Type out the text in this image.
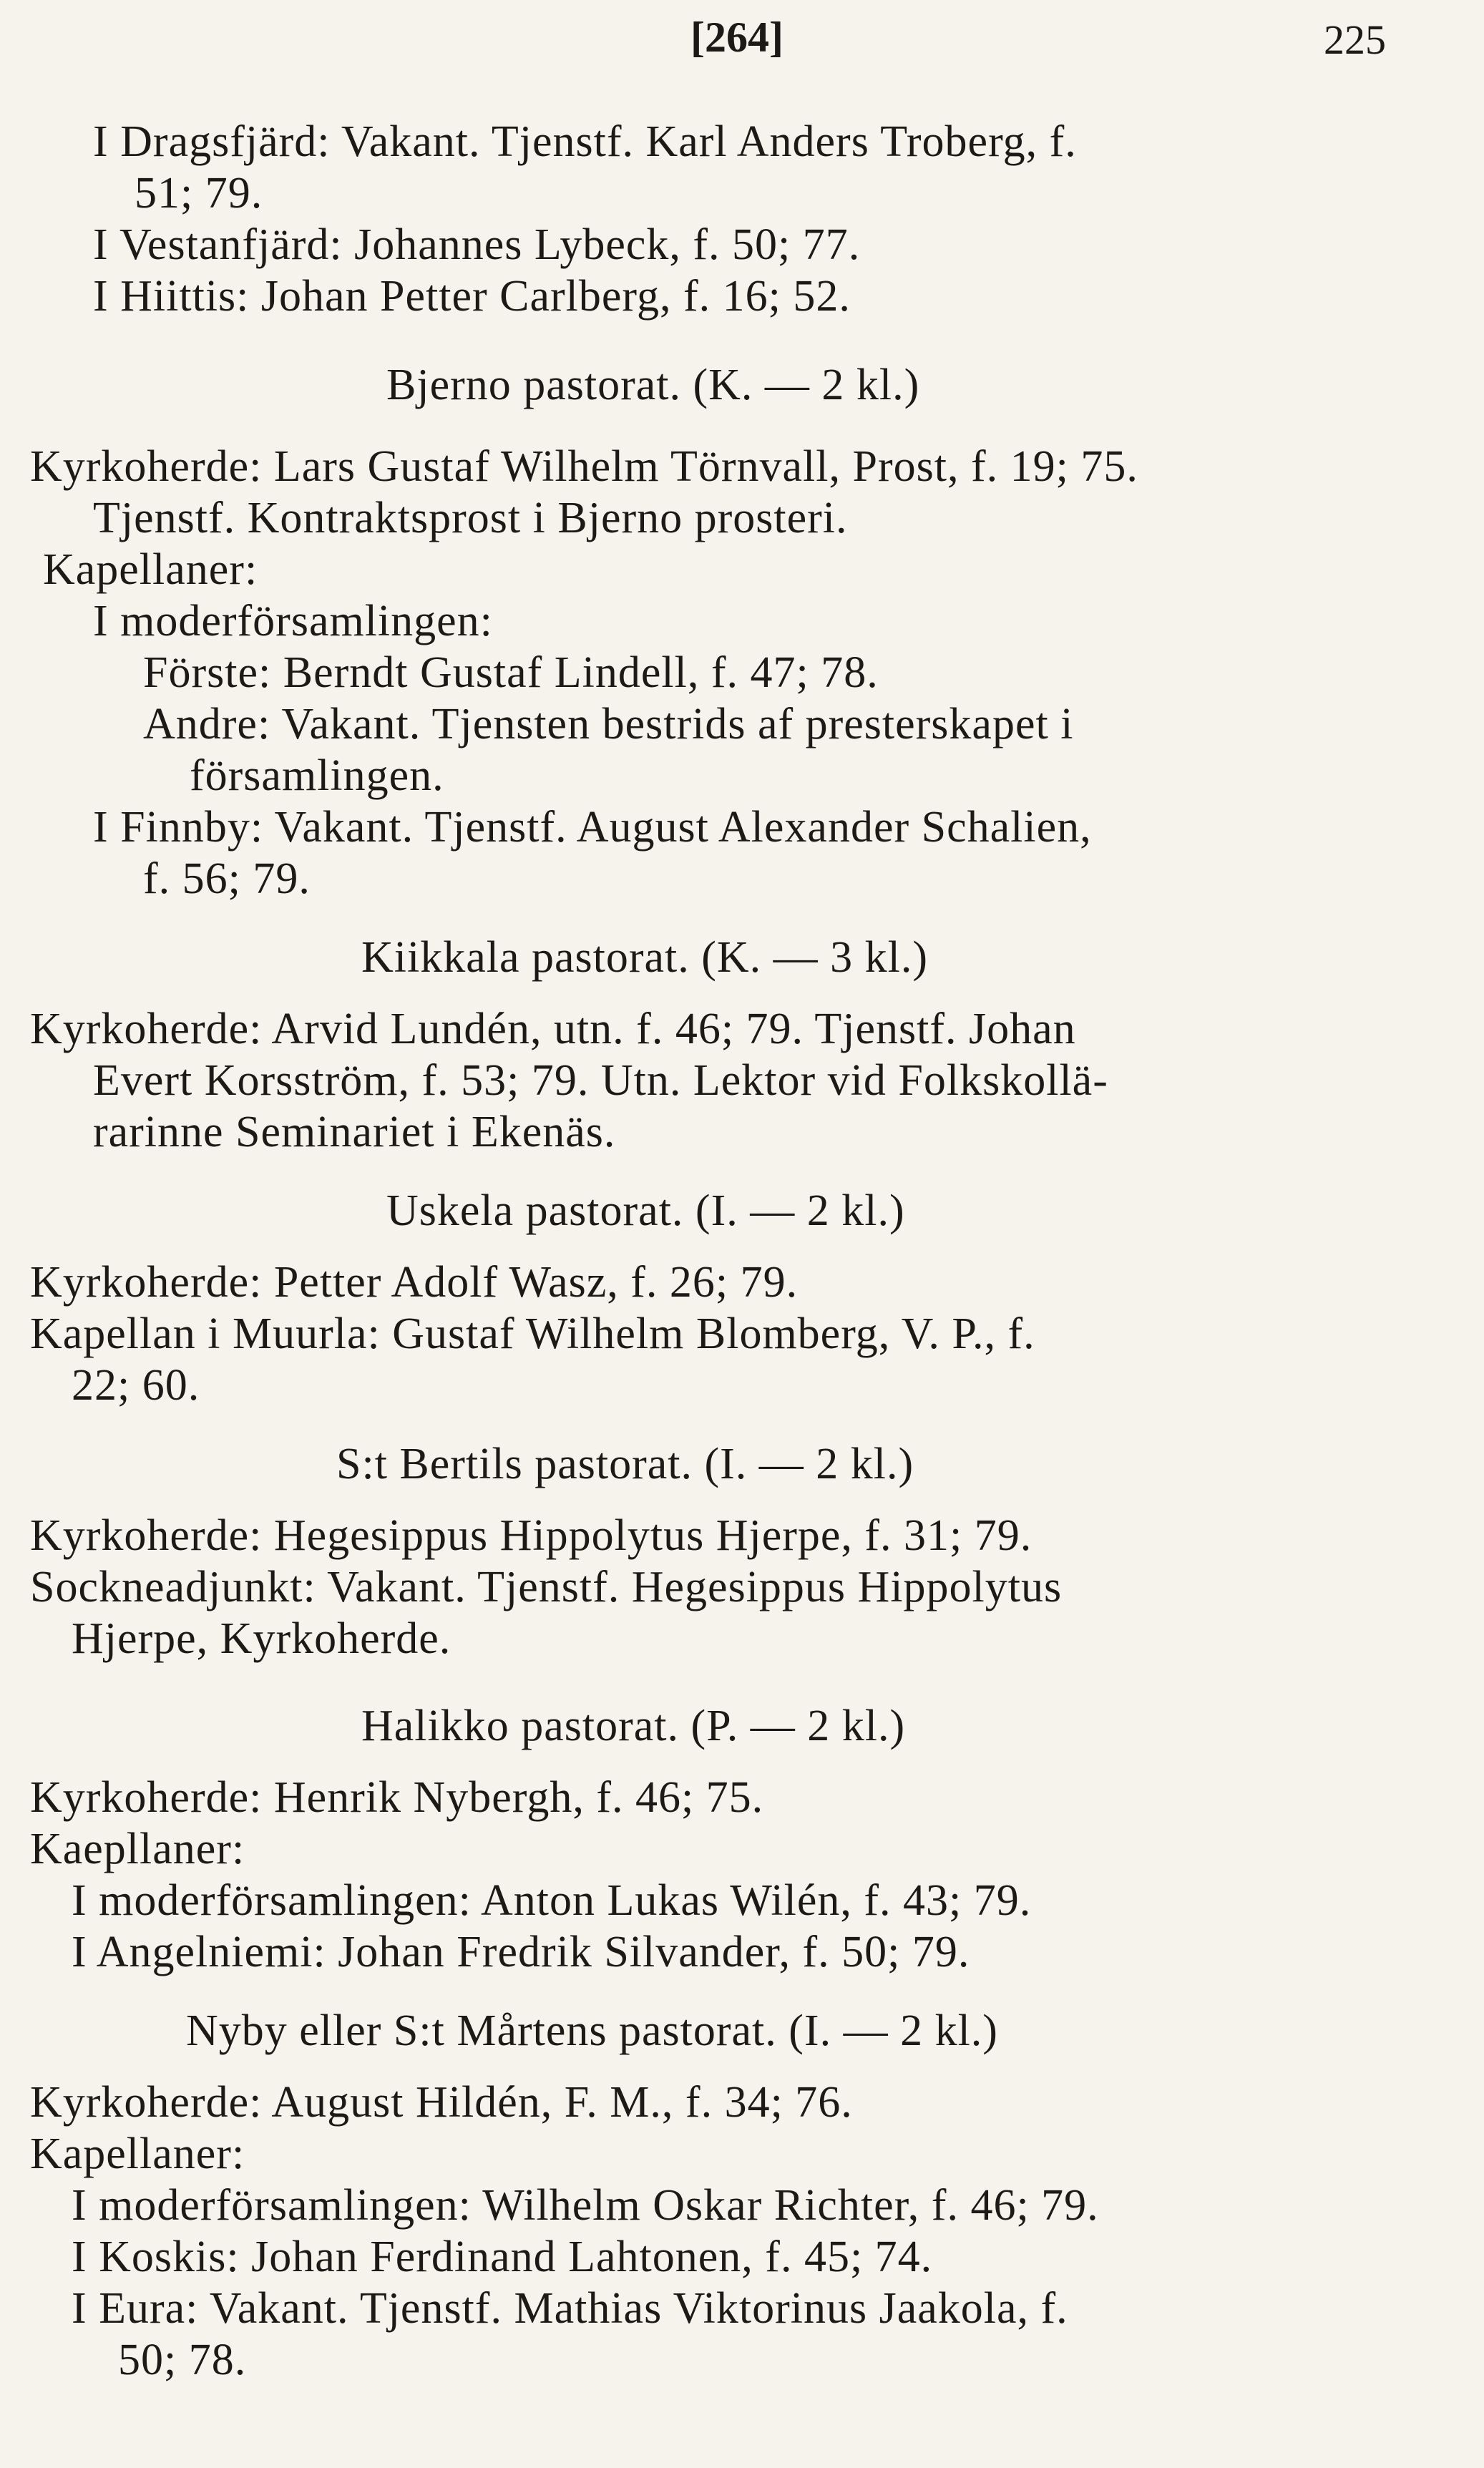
[264]	225
I Dragsfjärd: Vakant. Tjenstf. Karl Anders Troberg, f.
51; 79.
I Vestanfjärd: Johannes Lybeck, f. 50; 77.
I Hiittis: Johan Petter Carlberg, f. 16; 52.
Bjerno pastorat. (K. — 2 kl.)
Kyrkoherde: Lars Gustaf Wilhelm Törnvall, Prost, f. 19; 75.
Tjenstf. Kontraktsprost i Bjerno prosteri.
Kapellaner:
I moderförsamlingen:
Förste: Berndt Gustaf Lindell, f. 47; 78.
Andre: Vakant. Tjensten bestrids af presterskapet i
församlingen.
I Finnby: Vakant. Tjenstf. August Alexander Schalien,
f. 56; 79.
Kiikkala pastorat. (K. — 3 kl.)
Kyrkoherde: Arvid Lundén, utn. f. 46; 79. Tjenstf. Johan
Evert Korsström, f. 53; 79. Utn. Lektor vid Folkskollä-
rarinne Seminariet i Ekenäs.
Uskela pastorat. (I. — 2 kl.)
Kyrkoherde: Petter Adolf Wasz, f. 26; 79.
Kapellan i Muurla: Gustaf Wilhelm Blomberg, V. P., f.
22; 60.
S:t Bertils pastorat. (I. — 2 kl.)
Kyrkoherde: Hegesippus Hippolytus Hjerpe, f. 31; 79.
Sockneadjunkt: Vakant. Tjenstf. Hegesippus Hippolytus
Hjerpe, Kyrkoherde.
Halikko pastorat. (P. — 2 kl.)
Kyrkoherde: Henrik Nybergh, f. 46; 75.
Kaepllaner:
I moderförsamlingen: Anton Lukas Wilén, f. 43; 79.
I Angelniemi: Johan Fredrik Silvander, f. 50; 79.
Nyby eller S:t Mårtens pastorat. (I. — 2 kl.)
Kyrkoherde: August Hildén, F. M., f. 34; 76.
Kapellaner:
I moderförsamlingen: Wilhelm Oskar Richter, f. 46; 79.
I Koskis: Johan Ferdinand Lahtonen, f. 45; 74.
I Eura: Vakant. Tjenstf. Mathias Viktorinus Jaakola, f.
50; 78.
